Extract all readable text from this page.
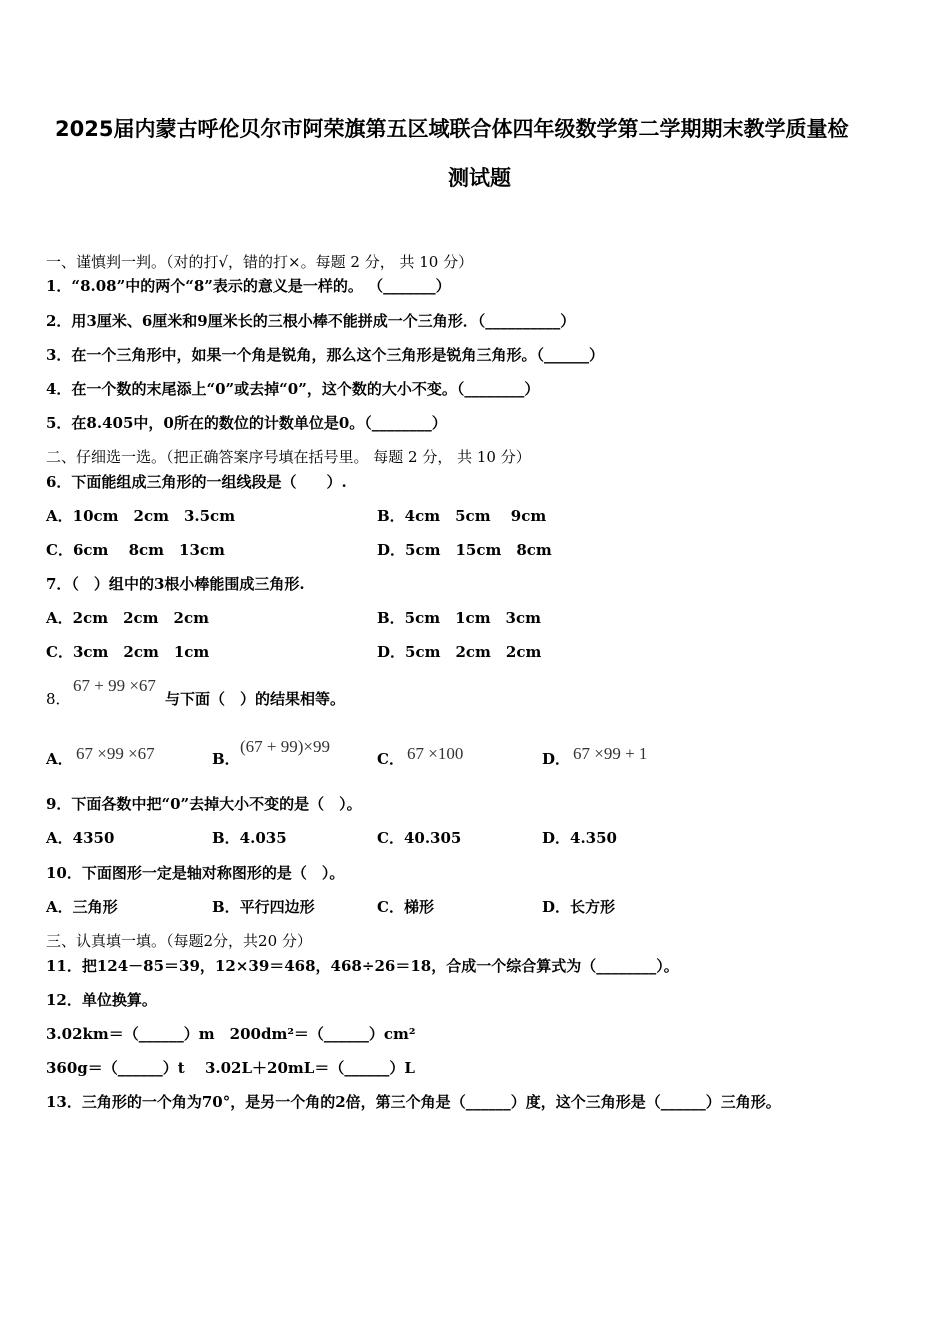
2025届内蒙古呼伦贝尔市阿荣旗第五区域联合体四年级数学第二学期期末教学质量检
测试题
一、谨慎判一判。（对的打√，错的打×。每题 2 分， 共 10 分）
1．“8.08”中的两个“8”表示的意义是一样的。 （_______）
2．用3厘米、6厘米和9厘米长的三根小棒不能拼成一个三角形．（__________）
3．在一个三角形中，如果一个角是锐角，那么这个三角形是锐角三角形。（______）
4．在一个数的末尾添上“0”或去掉“0”，这个数的大小不变。（________）
5．在8.405中，0所在的数位的计数单位是0。（________）
二、仔细选一选。（把正确答案序号填在括号里。 每题 2 分， 共 10 分）
6．下面能组成三角形的一组线段是（　　）.
A．10cm　2cm　3.5cm	B．4cm　5cm　 9cm
C．6cm　 8cm　13cm	D．5cm　15cm　8cm
7．（　）组中的3根小棒能围成三角形.
A．2cm　2cm　2cm	B．5cm　1cm　3cm
C．3cm　2cm　1cm	D．5cm　2cm　2cm
8．
67 + 99 ×67
与下面（　）的结果相等。
A． 67 ×99 ×67	B．
(67 + 99)×99
C． 67 ×100	D． 67 ×99 + 1
9．下面各数中把“0”去掉大小不变的是（　）。
A．4350	B．4.035	C．40.305	D．4.350
10．下面图形一定是轴对称图形的是（　）。
A．三角形	B．平行四边形	C．梯形	D．长方形
三、认真填一填。（每题2分，共20 分）
11．把124－85＝39，12×39＝468，468÷26＝18，合成一个综合算式为（________）。
12．单位换算。
3.02km＝（______）m　200dm²＝（______）cm²
360g＝（______）t　 3.02L＋20mL＝（______）L
13．三角形的一个角为70°，是另一个角的2倍，第三个角是（______）度，这个三角形是（______）三角形。
